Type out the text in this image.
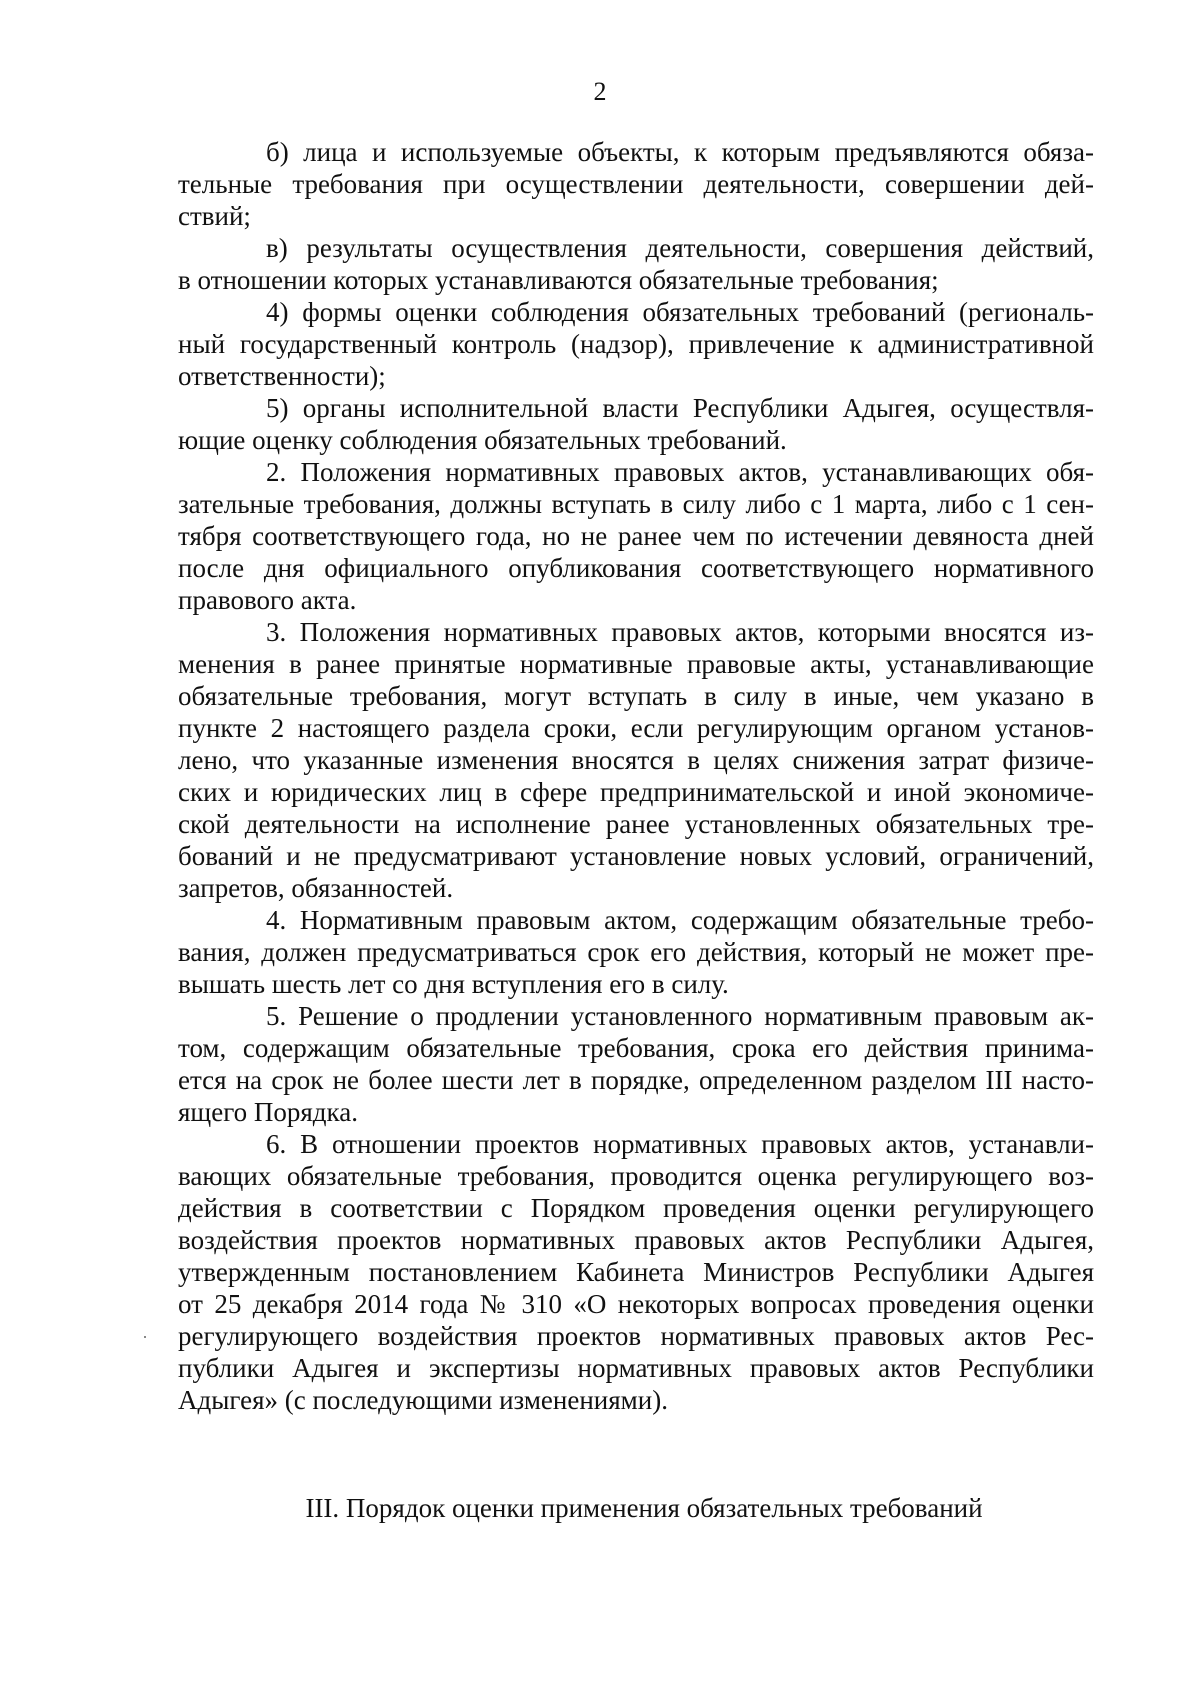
2
б) лица и используемые объекты, к которым предъявляются обяза-
тельные требования при осуществлении деятельности, совершении дей-
ствий;
в) результаты осуществления деятельности, совершения действий,
в отношении которых устанавливаются обязательные требования;
4) формы оценки соблюдения обязательных требований (региональ-
ный государственный контроль (надзор), привлечение к административной
ответственности);
5) органы исполнительной власти Республики Адыгея, осуществля-
ющие оценку соблюдения обязательных требований.
2. Положения нормативных правовых актов, устанавливающих обя-
зательные требования, должны вступать в силу либо с 1 марта, либо с 1 сен-
тября соответствующего года, но не ранее чем по истечении девяноста дней
после дня официального опубликования соответствующего нормативного
правового акта.
3. Положения нормативных правовых актов, которыми вносятся из-
менения в ранее принятые нормативные правовые акты, устанавливающие
обязательные требования, могут вступать в силу в иные, чем указано в
пункте 2 настоящего раздела сроки, если регулирующим органом установ-
лено, что указанные изменения вносятся в целях снижения затрат физиче-
ских и юридических лиц в сфере предпринимательской и иной экономиче-
ской деятельности на исполнение ранее установленных обязательных тре-
бований и не предусматривают установление новых условий, ограничений,
запретов, обязанностей.
4. Нормативным правовым актом, содержащим обязательные требо-
вания, должен предусматриваться срок его действия, который не может пре-
вышать шесть лет со дня вступления его в силу.
5. Решение о продлении установленного нормативным правовым ак-
том, содержащим обязательные требования, срока его действия принима-
ется на срок не более шести лет в порядке, определенном разделом III насто-
ящего Порядка.
6. В отношении проектов нормативных правовых актов, устанавли-
вающих обязательные требования, проводится оценка регулирующего воз-
действия в соответствии с Порядком проведения оценки регулирующего
воздействия проектов нормативных правовых актов Республики Адыгея,
утвержденным постановлением Кабинета Министров Республики Адыгея
от 25 декабря 2014 года № 310 «О некоторых вопросах проведения оценки
регулирующего воздействия проектов нормативных правовых актов Рес-
публики Адыгея и экспертизы нормативных правовых актов Республики
Адыгея» (с последующими изменениями).
III. Порядок оценки применения обязательных требований
